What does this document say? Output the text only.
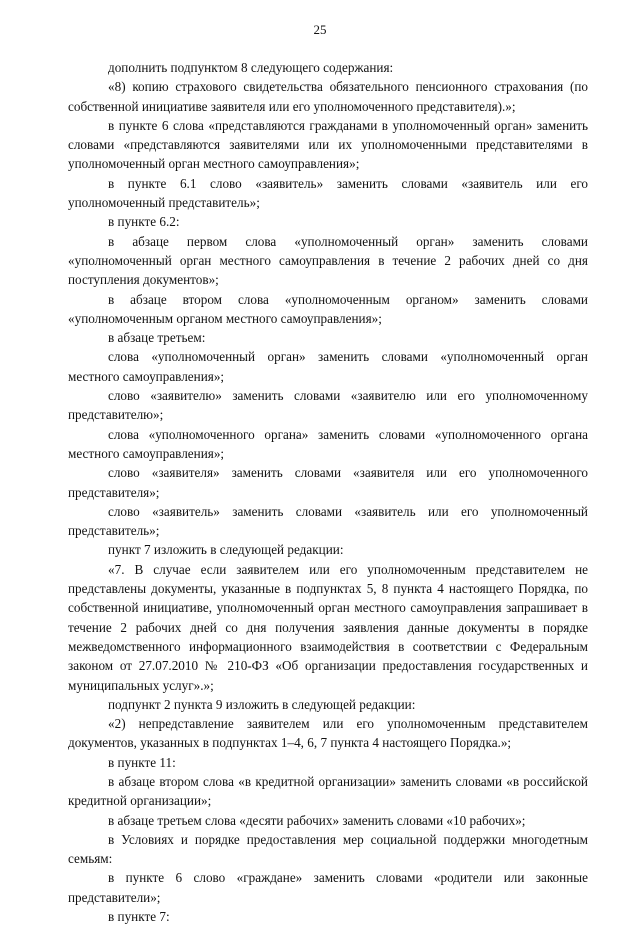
25

дополнить подпунктом 8 следующего содержания:

«8) копию страхового свидетельства обязательного пенсионного страхования (по собственной инициативе заявителя или его уполномоченного представителя).»;

в пункте 6 слова «представляются гражданами в уполномоченный орган» заменить словами «представляются заявителями или их уполномоченными представителями в уполномоченный орган местного самоуправления»;

в пункте 6.1 слово «заявитель» заменить словами «заявитель или его уполномоченный представитель»;

в пункте 6.2:

в абзаце первом слова «уполномоченный орган» заменить словами «уполномоченный орган местного самоуправления в течение 2 рабочих дней со дня поступления документов»;

в абзаце втором слова «уполномоченным органом» заменить словами «уполномоченным органом местного самоуправления»;

в абзаце третьем:

слова «уполномоченный орган» заменить словами «уполномоченный орган местного самоуправления»;

слово «заявителю» заменить словами «заявителю или его уполномоченному представителю»;

слова «уполномоченного органа» заменить словами «уполномоченного органа местного самоуправления»;

слово «заявителя» заменить словами «заявителя или его уполномоченного представителя»;

слово «заявитель» заменить словами «заявитель или его уполномоченный представитель»;

пункт 7 изложить в следующей редакции:

«7. В случае если заявителем или его уполномоченным представителем не представлены документы, указанные в подпунктах 5, 8 пункта 4 настоящего Порядка, по собственной инициативе, уполномоченный орган местного самоуправления запрашивает в течение 2 рабочих дней со дня получения заявления данные документы в порядке межведомственного информационного взаимодействия в соответствии с Федеральным законом от 27.07.2010 № 210-ФЗ «Об организации предоставления государственных и муниципальных услуг».»;

подпункт 2 пункта 9 изложить в следующей редакции:

«2) непредставление заявителем или его уполномоченным представителем документов, указанных в подпунктах 1–4, 6, 7 пункта 4 настоящего Порядка.»;

в пункте 11:

в абзаце втором слова «в кредитной организации» заменить словами «в российской кредитной организации»;

в абзаце третьем слова «десяти рабочих» заменить словами «10 рабочих»;

в Условиях и порядке предоставления мер социальной поддержки многодетным семьям:

в пункте 6 слово «граждане» заменить словами «родители или законные представители»;

в пункте 7:
